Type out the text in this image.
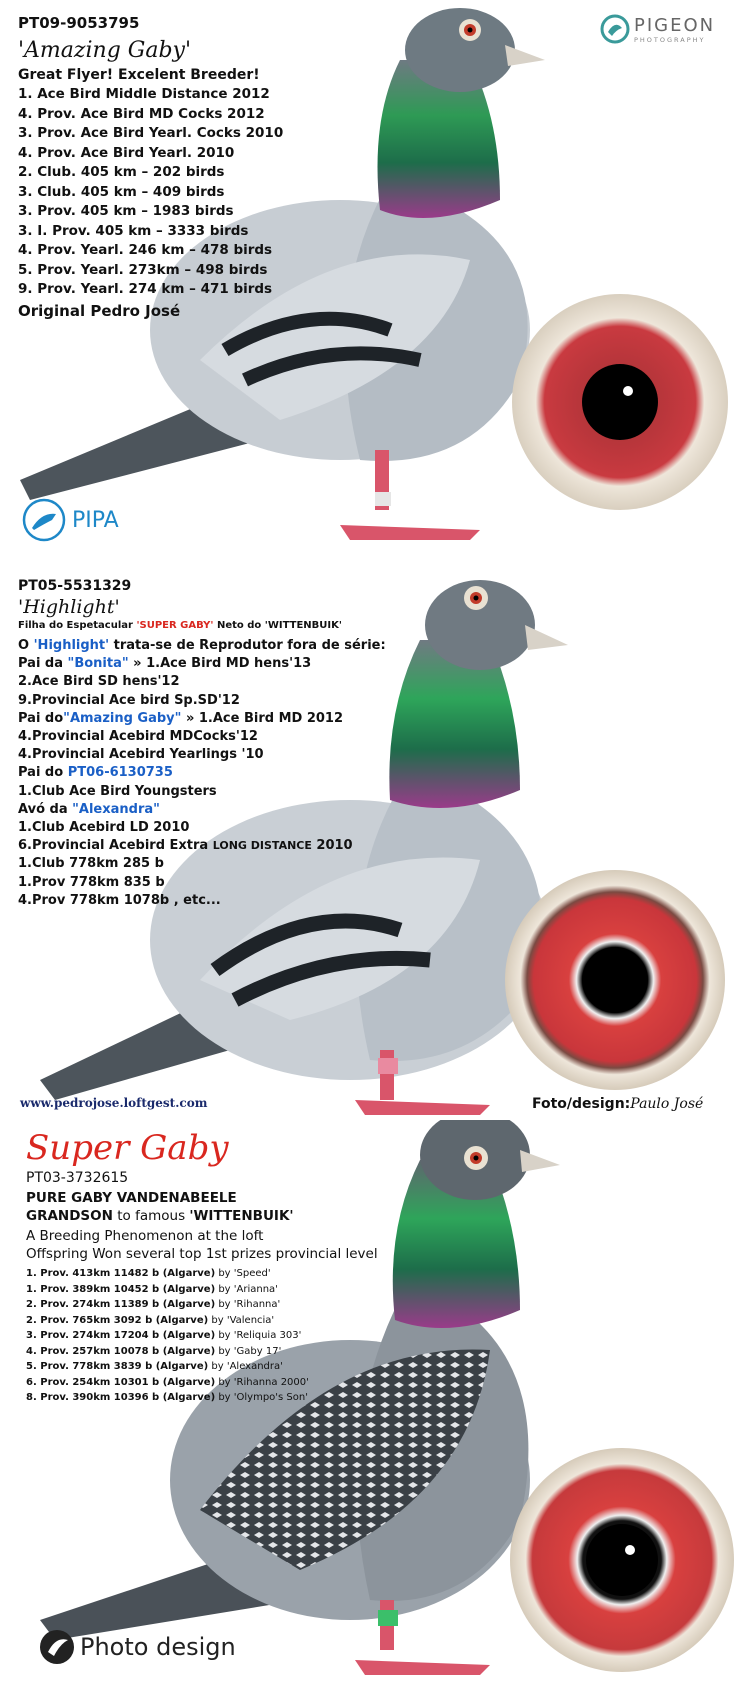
PT09-9053795
'Amazing Gaby'
Great Flyer! Excelent Breeder!
1. Ace Bird Middle Distance 2012
4. Prov. Ace Bird MD Cocks 2012
3. Prov. Ace Bird Yearl. Cocks 2010
4. Prov. Ace Bird Yearl. 2010
2. Club. 405 km – 202 birds
3. Club. 405 km – 409 birds
3. Prov. 405 km – 1983 birds
3. I. Prov. 405 km – 3333 birds
4. Prov. Yearl. 246 km – 478 birds
5. Prov. Yearl. 273km – 498 birds
9. Prov. Yearl. 274 km – 471 birds
Original Pedro José
PIGEON
PHOTOGRAPHY
PIPA
PT05-5531329
'Highlight'
Filha do Espetacular 'SUPER GABY' Neto do 'WITTENBUIK'
O 'Highlight' trata-se de Reprodutor fora de série:
Pai da "Bonita" » 1.Ace Bird MD hens'13
2.Ace Bird SD hens'12
9.Provincial Ace bird Sp.SD'12
Pai do"Amazing Gaby" » 1.Ace Bird MD 2012
4.Provincial Acebird MDCocks'12
4.Provincial Acebird Yearlings '10
Pai do PT06-6130735
1.Club Ace Bird Youngsters
Avó da "Alexandra"
1.Club Acebird LD 2010
6.Provincial Acebird Extra LONG DISTANCE 2010
1.Club 778km 285 b
1.Prov 778km 835 b
4.Prov 778km 1078b , etc...
www.pedrojose.loftgest.com	Foto/design:Paulo José
Super Gaby
PT03-3732615
PURE GABY VANDENABEELE
GRANDSON to famous 'WITTENBUIK'
A Breeding Phenomenon at the loft
Offspring Won several top 1st prizes provincial level
1. Prov. 413km 11482 b (Algarve) by 'Speed'
1. Prov. 389km 10452 b (Algarve) by 'Arianna'
2. Prov. 274km 11389 b (Algarve) by 'Rihanna'
2. Prov. 765km 3092 b (Algarve) by 'Valencia'
3. Prov. 274km 17204 b (Algarve) by 'Reliquia 303'
4. Prov. 257km 10078 b (Algarve) by 'Gaby 17'
5. Prov. 778km 3839 b (Algarve) by 'Alexandra'
6. Prov. 254km 10301 b (Algarve) by 'Rihanna 2000'
8. Prov. 390km 10396 b (Algarve) by 'Olympo's Son'
Photo design
